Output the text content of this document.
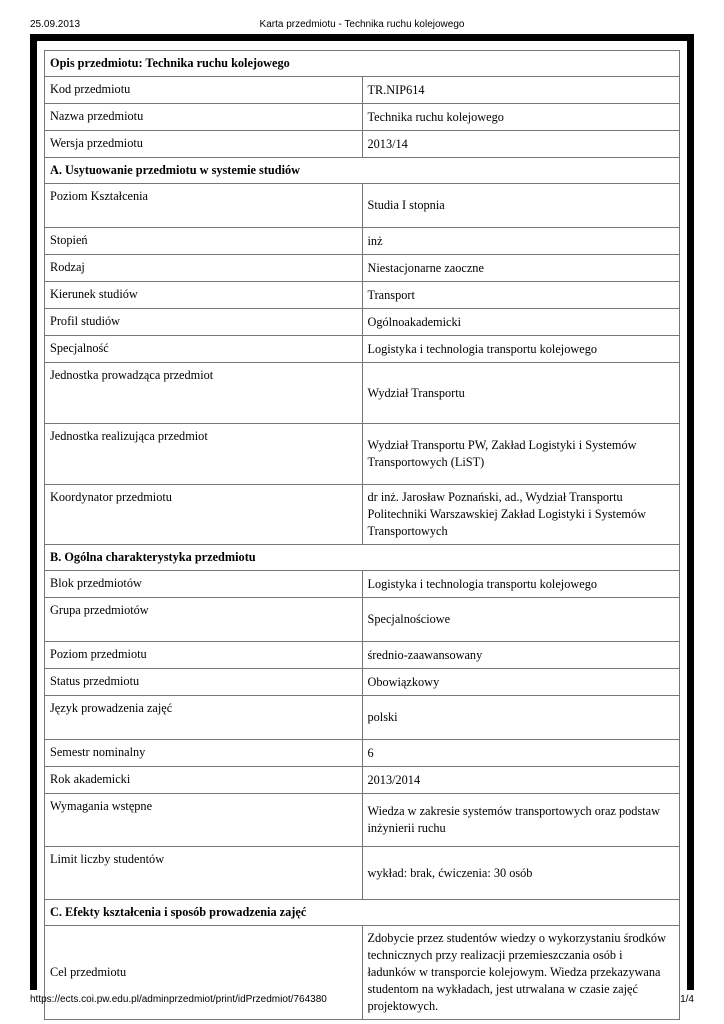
25.09.2013	Karta przedmiotu - Technika ruchu kolejowego
Opis przedmiotu: Technika ruchu kolejowego	
Kod przedmiotu	TR.NIP614
Nazwa przedmiotu	Technika ruchu kolejowego
Wersja przedmiotu	2013/14
A. Usytuowanie przedmiotu w systemie studiów	
Poziom Kształcenia	Studia I stopnia
Stopień	inż
Rodzaj	Niestacjonarne zaoczne
Kierunek studiów	Transport
Profil studiów	Ogólnoakademicki
Specjalność	Logistyka i technologia transportu kolejowego
Jednostka prowadząca przedmiot	Wydział Transportu
Jednostka realizująca przedmiot	Wydział Transportu PW, Zakład Logistyki i Systemów Transportowych (LiST)
Koordynator przedmiotu	dr inż. Jarosław Poznański, ad., Wydział Transportu Politechniki Warszawskiej Zakład Logistyki i Systemów Transportowych
B. Ogólna charakterystyka przedmiotu	
Blok przedmiotów	Logistyka i technologia transportu kolejowego
Grupa przedmiotów	Specjalnościowe
Poziom przedmiotu	średnio-zaawansowany
Status przedmiotu	Obowiązkowy
Język prowadzenia zajęć	polski
Semestr nominalny	6
Rok akademicki	2013/2014
Wymagania wstępne	Wiedza w zakresie systemów transportowych oraz podstaw inżynierii ruchu
Limit liczby studentów	wykład: brak, ćwiczenia: 30 osób
C. Efekty kształcenia i sposób prowadzenia zajęć	
Cel przedmiotu	Zdobycie przez studentów wiedzy o wykorzystaniu środków technicznych przy realizacji przemieszczania osób i ładunków w transporcie kolejowym. Wiedza przekazywana studentom na wykładach, jest utrwalana w czasie zajęć projektowych.
https://ects.coi.pw.edu.pl/adminprzedmiot/print/idPrzedmiot/764380	1/4
